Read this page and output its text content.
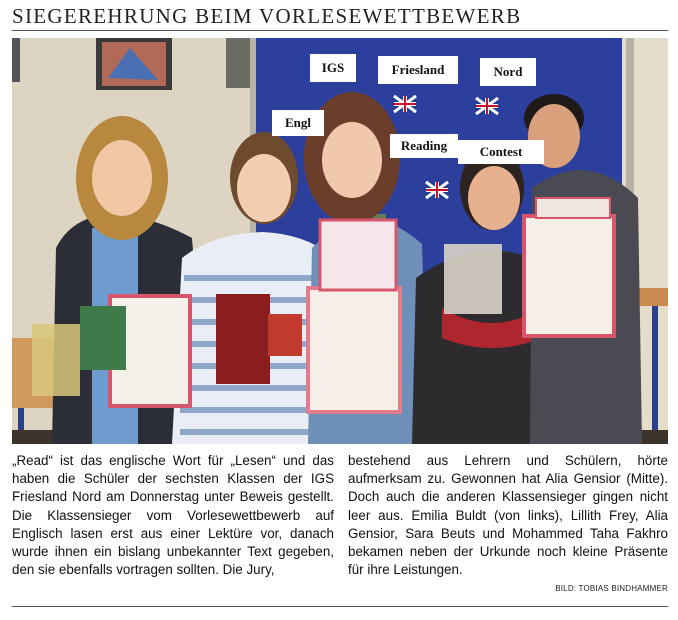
SIEGEREHRUNG BEIM VORLESEWETTBEWERB
IGS	Friesland	Nord
Engl
Reading	Contest

„Read“ ist das englische Wort für „Lesen“ und das haben die Schüler der sechsten Klassen der IGS Friesland Nord am Donnerstag unter Beweis gestellt. Die Klassensieger vom Vorlesewettbewerb auf Englisch lasen erst aus einer Lektüre vor, danach wurde ihnen ein bislang unbekannter Text gegeben, den sie ebenfalls vortragen sollten. Die Jury,

bestehend aus Lehrern und Schülern, hörte aufmerksam zu. Gewonnen hat Alia Gensior (Mitte). Doch auch die anderen Klassensieger gingen nicht leer aus. Emilia Buldt (von links), Lillith Frey, Alia Gensior, Sara Beuts und Mohammed Taha Fakhro bekamen neben der Urkunde noch kleine Präsente für ihre Leistungen.

BILD: TOBIAS BINDHAMMER
